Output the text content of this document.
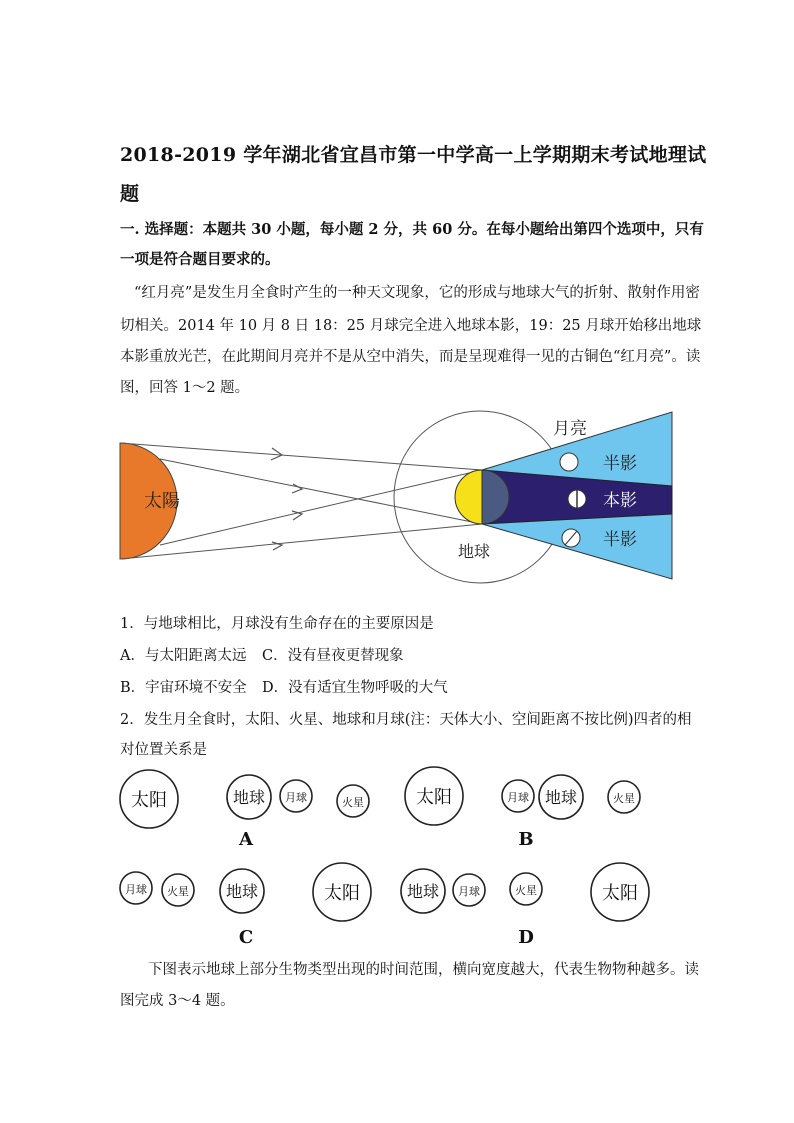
2018-2019 学年湖北省宜昌市第一中学高一上学期期末考试地理试
题
一. 选择题：本题共 30 小题，每小题 2 分，共 60 分。在每小题给出第四个选项中，只有
一项是符合题目要求的。
“红月亮”是发生月全食时产生的一种天文现象，它的形成与地球大气的折射、散射作用密
切相关。2014 年 10 月 8 日 18：25 月球完全进入地球本影，19：25 月球开始移出地球
本影重放光芒，在此期间月亮并不是从空中消失，而是呈现难得一见的古铜色“红月亮”。读
图，回答 1～2 题。
太陽
地球
月亮
半影
本影
半影
1．与地球相比，月球没有生命存在的主要原因是
A．与太阳距离太远 C．没有昼夜更替现象
B．宇宙环境不安全 D．没有适宜生物呼吸的大气
2．发生月全食时，太阳、火星、地球和月球(注：天体大小、空间距离不按比例)四者的相
对位置关系是
太阳	地球 月球	火星	太阳	月球 地球	火星
月球 火星 地球	太阳	地球 月球	火星	太阳
A	B
C	D
下图表示地球上部分生物类型出现的时间范围，横向宽度越大，代表生物物种越多。读
图完成 3～4 题。
